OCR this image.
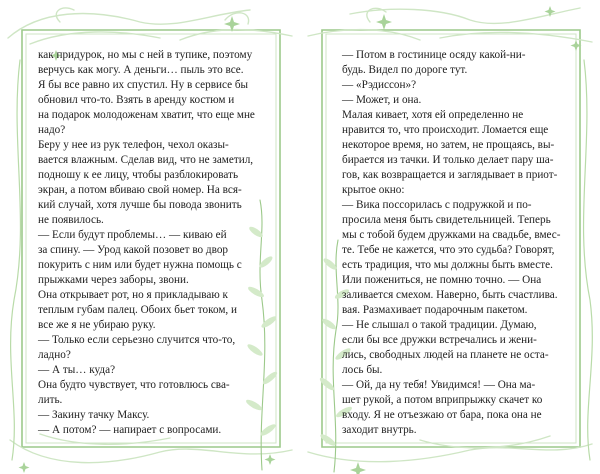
как придурок, но мы с ней в тупике, поэтому

верчусь как могу. А деньги… пыль это все.

Я бы все равно их спустил. Ну в сервисе бы

обновил что-то. Взять в аренду костюм и

на подарок молодоженам хватит, что еще мне

надо?

Беру у нее из рук телефон, чехол оказы-

вается влажным. Сделав вид, что не заметил,

подношу к ее лицу, чтобы разблокировать

экран, а потом вбиваю свой номер. На вся-

кий случай, хотя лучше бы повода звонить

не появилось.

— Если будут проблемы… — киваю ей

за спину. — Урод какой позовет во двор

покурить с ним или будет нужна помощь с

прыжками через заборы, звони.

Она открывает рот, но я прикладываю к

теплым губам палец. Обоих бьет током, и

все же я не убираю руку.

— Только если серьезно случится что-то,

ладно?

— А ты… куда?

Она будто чувствует, что готовлюсь сва-

лить.

— Закину тачку Максу.

— А потом? — напирает с вопросами.

— Потом в гостинице осяду какой-ни-

будь. Видел по дороге тут.

— «Рэдиссон»?

— Может, и она.

Малая кивает, хотя ей определенно не

нравится то, что происходит. Ломается еще

некоторое время, но затем, не прощаясь, вы-

бирается из тачки. И только делает пару ша-

гов, как возвращается и заглядывает в приот-

крытое окно:

— Вика поссорилась с подружкой и по-

просила меня быть свидетельницей. Теперь

мы с тобой будем дружками на свадьбе, вмес-

те. Тебе не кажется, что это судьба? Говорят,

есть традиция, что мы должны быть вместе.

Или пожениться, не помню точно. — Она

заливается смехом. Наверно, быть счастлива.

вая. Размахивает подарочным пакетом.

— Не слышал о такой традиции. Думаю,

если бы все дружки встречались и жени-

лись, свободных людей на планете не оста-

лось бы.

— Ой, да ну тебя! Увидимся! — Она ма-

шет рукой, а потом вприпрыжку скачет ко

входу. Я не отъезжаю от бара, пока она не

заходит внутрь.
